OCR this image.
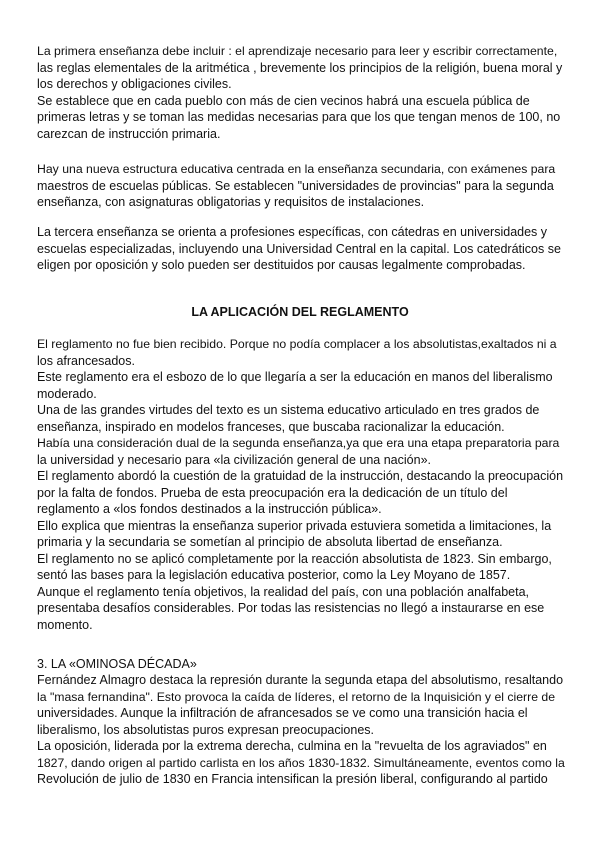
La primera enseñanza debe incluir : el aprendizaje necesario para leer y escribir correctamente,
las reglas elementales de la aritmética , brevemente los principios de la religión, buena moral y
los derechos y obligaciones civiles.
Se establece que en cada pueblo con más de cien vecinos habrá una escuela pública de
primeras letras y se toman las medidas necesarias para que los que tengan menos de 100, no
carezcan de instrucción primaria.
Hay una nueva estructura educativa centrada en la enseñanza secundaria, con exámenes para
maestros de escuelas públicas. Se establecen "universidades de provincias" para la segunda
enseñanza, con asignaturas obligatorias y requisitos de instalaciones.
La tercera enseñanza se orienta a profesiones específicas, con cátedras en universidades y
escuelas especializadas, incluyendo una Universidad Central en la capital. Los catedráticos se
eligen por oposición y solo pueden ser destituidos por causas legalmente comprobadas.
LA APLICACIÓN DEL REGLAMENTO
El reglamento no fue bien recibido. Porque no podía complacer a los absolutistas,exaltados ni a
los afrancesados.
Este reglamento era el esbozo de lo que llegaría a ser la educación en manos del liberalismo
moderado.
Una de las grandes virtudes del texto es un sistema educativo articulado en tres grados de
enseñanza, inspirado en modelos franceses, que buscaba racionalizar la educación.
Había una consideración dual de la segunda enseñanza,ya que era una etapa preparatoria para
la universidad y necesario para «la civilización general de una nación».
El reglamento abordó la cuestión de la gratuidad de la instrucción, destacando la preocupación
por la falta de fondos. Prueba de esta preocupación era la dedicación de un título del
reglamento a «los fondos destinados a la instrucción pública».
Ello explica que mientras la enseñanza superior privada estuviera sometida a limitaciones, la
primaria y la secundaria se sometían al principio de absoluta libertad de enseñanza.
El reglamento no se aplicó completamente por la reacción absolutista de 1823. Sin embargo,
sentó las bases para la legislación educativa posterior, como la Ley Moyano de 1857.
Aunque el reglamento tenía objetivos, la realidad del país, con una población analfabeta,
presentaba desafíos considerables. Por todas las resistencias no llegó a instaurarse en ese
momento.
3. LA «OMINOSA DÉCADA»
Fernández Almagro destaca la represión durante la segunda etapa del absolutismo, resaltando
la "masa fernandina". Esto provoca la caída de líderes, el retorno de la Inquisición y el cierre de
universidades. Aunque la infiltración de afrancesados se ve como una transición hacia el
liberalismo, los absolutistas puros expresan preocupaciones.
La oposición, liderada por la extrema derecha, culmina en la "revuelta de los agraviados" en
1827, dando origen al partido carlista en los años 1830-1832. Simultáneamente, eventos como la
Revolución de julio de 1830 en Francia intensifican la presión liberal, configurando al partido
